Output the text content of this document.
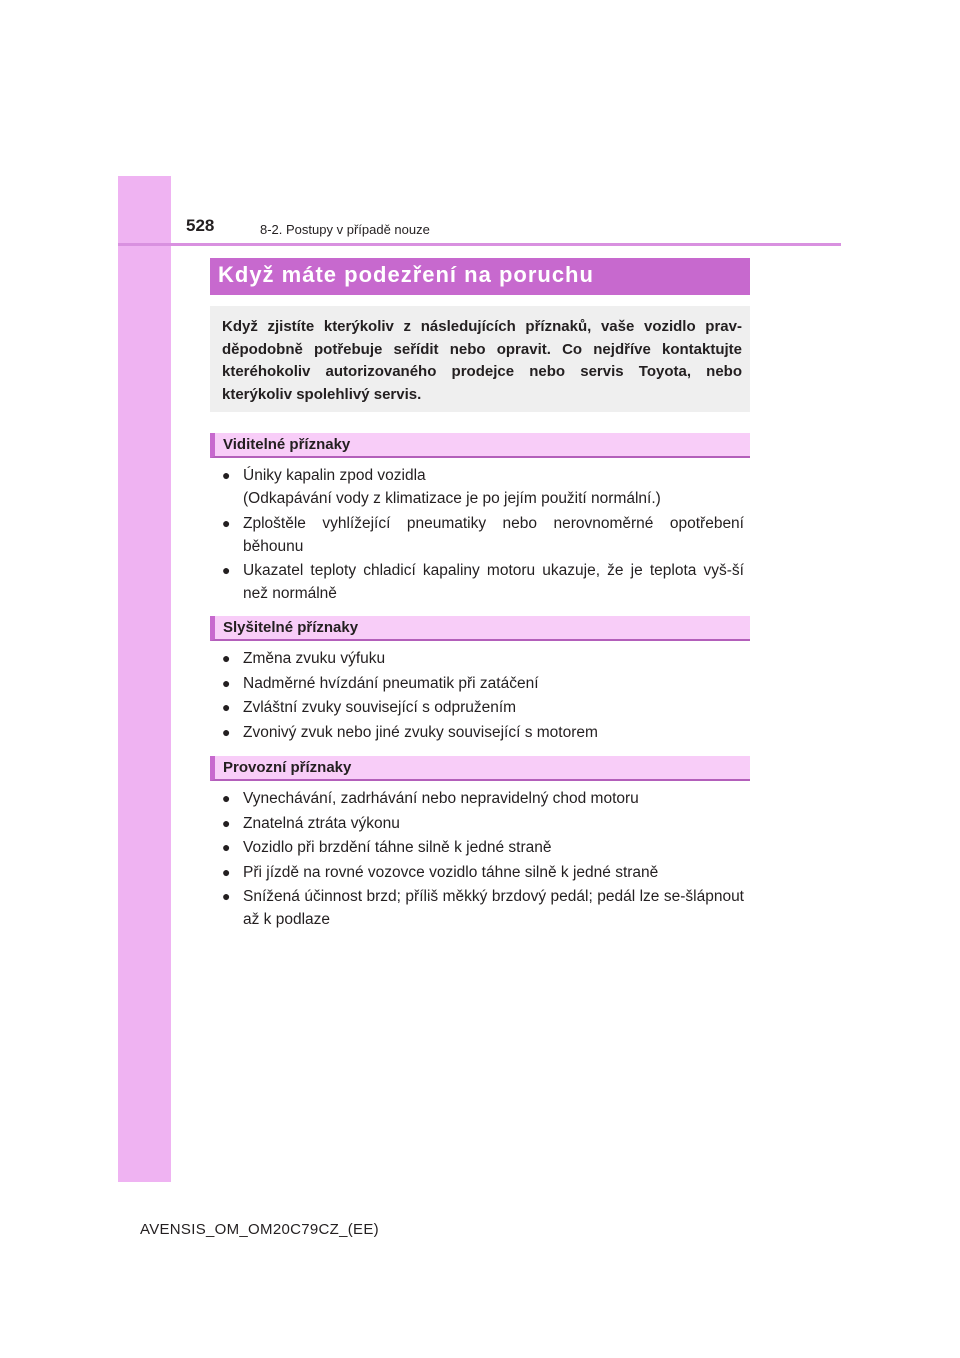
528	8-2. Postupy v případě nouze
Když máte podezření na poruchu

Když zjistíte kterýkoliv z následujících příznaků, vaše vozidlo prav-děpodobně potřebuje seřídit nebo opravit. Co nejdříve kontaktujte kteréhokoliv autorizovaného prodejce nebo servis Toyota, nebo kterýkoliv spolehlivý servis.

Viditelné příznaky
● Úniky kapalin zpod vozidla
(Odkapávání vody z klimatizace je po jejím použití normální.)
● Zploštěle vyhlížející pneumatiky nebo nerovnoměrné opotřebení běhounu
● Ukazatel teploty chladicí kapaliny motoru ukazuje, že je teplota vyš-ší než normálně
Slyšitelné příznaky
● Změna zvuku výfuku
● Nadměrné hvízdání pneumatik při zatáčení
● Zvláštní zvuky související s odpružením
● Zvonivý zvuk nebo jiné zvuky související s motorem
Provozní příznaky
● Vynechávání, zadrhávání nebo nepravidelný chod motoru
● Znatelná ztráta výkonu
● Vozidlo při brzdění táhne silně k jedné straně
● Při jízdě na rovné vozovce vozidlo táhne silně k jedné straně
● Snížená účinnost brzd; příliš měkký brzdový pedál; pedál lze se-šlápnout až k podlaze
AVENSIS_OM_OM20C79CZ_(EE)
